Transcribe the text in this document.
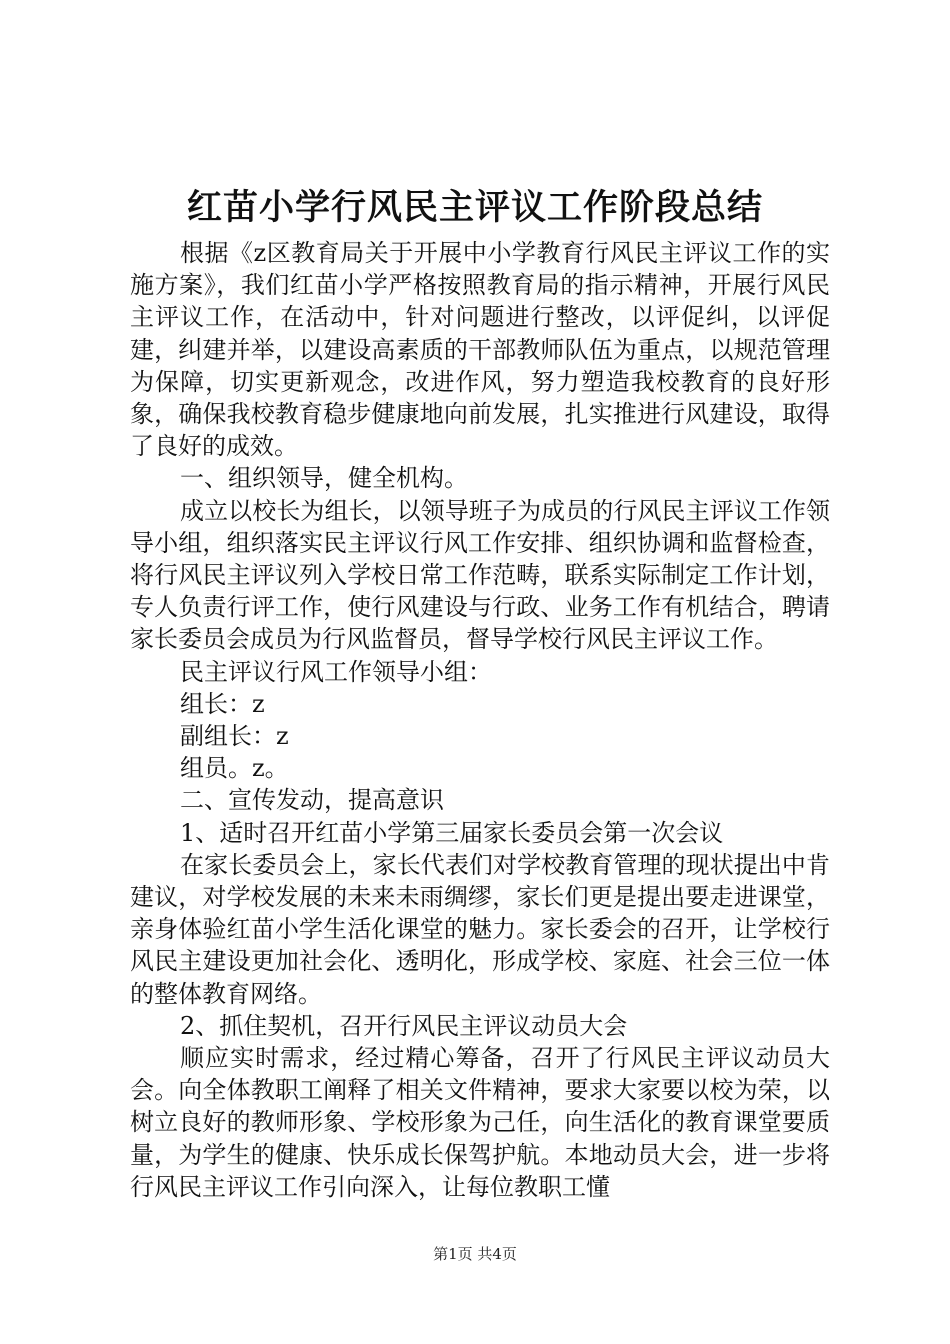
红苗小学行风民主评议工作阶段总结

根据《z区教育局关于开展中小学教育行风民主评议工作的实施方案》，我们红苗小学严格按照教育局的指示精神，开展行风民主评议工作，在活动中，针对问题进行整改，以评促纠，以评促建，纠建并举，以建设高素质的干部教师队伍为重点，以规范管理为保障，切实更新观念，改进作风，努力塑造我校教育的良好形象，确保我校教育稳步健康地向前发展，扎实推进行风建设，取得了良好的成效。

一、组织领导，健全机构。

成立以校长为组长，以领导班子为成员的行风民主评议工作领导小组，组织落实民主评议行风工作安排、组织协调和监督检查，将行风民主评议列入学校日常工作范畴，联系实际制定工作计划，专人负责行评工作，使行风建设与行政、业务工作有机结合，聘请家长委员会成员为行风监督员，督导学校行风民主评议工作。

民主评议行风工作领导小组：

组长：z

副组长：z

组员。z。

二、宣传发动，提高意识

1、适时召开红苗小学第三届家长委员会第一次会议

在家长委员会上，家长代表们对学校教育管理的现状提出中肯建议，对学校发展的未来未雨绸缪，家长们更是提出要走进课堂，亲身体验红苗小学生活化课堂的魅力。家长委会的召开，让学校行风民主建设更加社会化、透明化，形成学校、家庭、社会三位一体的整体教育网络。

2、抓住契机，召开行风民主评议动员大会

顺应实时需求，经过精心筹备，召开了行风民主评议动员大会。向全体教职工阐释了相关文件精神，要求大家要以校为荣，以树立良好的教师形象、学校形象为己任，向生活化的教育课堂要质量，为学生的健康、快乐成长保驾护航。本地动员大会，进一步将行风民主评议工作引向深入，让每位教职工懂

第1页 共4页
